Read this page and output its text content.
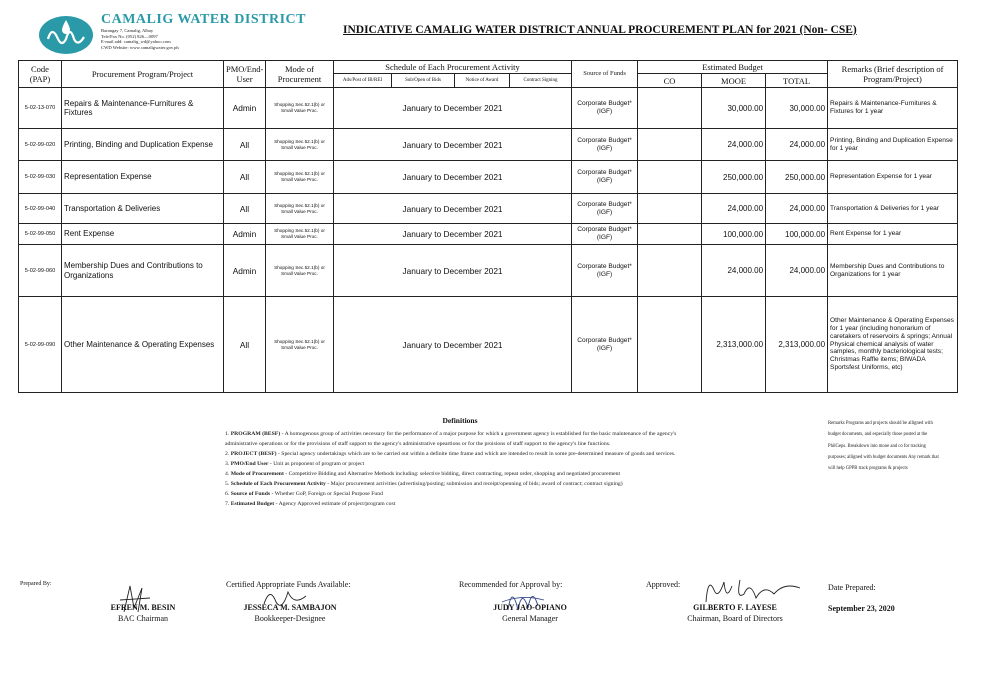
CAMALIG WATER DISTRICT
Barangay 7, Camalig, Albay
Tele/Fax No. (052) 826—0097
E-mail add: camalig_wd@yahoo.com
CWD Website: www.camaligwater.gov.ph
INDICATIVE CAMALIG WATER DISTRICT ANNUAL PROCUREMENT PLAN for 2021 (Non- CSE)
Code (PAP)	Procurement Program/Project	PMO/End-User	Mode of Procurement	Schedule of Each Procurement Activity				Source of Funds	Estimated Budget			Remarks (Brief description of Program/Project)
				Ads/Post of IB/REI	Sub/Open of Bids	Notice of Award	Contract Signing		CO	MOOE	TOTAL	
5-02-13-070	Repairs & Maintenance-Furnitures & Fixtures	Admin	Shopping Sec.52.1(b) or Small Value Proc.	January to December 2021				Corporate Budget*(IGF)		30,000.00	30,000.00	Repairs & Maintenance-Furnitures & Fixtures for 1 year
5-02-99-020	Printing, Binding and Duplication Expense	All	Shopping Sec.52.1(b) or Small Value Proc.	January to December 2021				Corporate Budget*(IGF)		24,000.00	24,000.00	Printing, Binding and Duplication Expense for 1 year
5-02-99-030	Representation Expense	All	Shopping Sec.52.1(b) or Small Value Proc.	January to December 2021				Corporate Budget*(IGF)		250,000.00	250,000.00	Representation Expense for 1 year
5-02-99-040	Transportation & Deliveries	All	Shopping Sec.52.1(b) or Small Value Proc.	January to December 2021				Corporate Budget*(IGF)		24,000.00	24,000.00	Transportation & Deliveries for 1 year
5-02-99-050	Rent Expense	Admin	Shopping Sec.52.1(b) or Small Value Proc.	January to December 2021				Corporate Budget*(IGF)		100,000.00	100,000.00	Rent Expense for 1 year
5-02-99-060	Membership Dues and Contributions to Organizations	Admin	Shopping Sec.52.1(b) or Small Value Proc.	January to December 2021				Corporate Budget*(IGF)		24,000.00	24,000.00	Membership Dues and Contributions to Organizations for 1 year
5-02-99-090	Other Maintenance & Operating Expenses	All	Shopping Sec.52.1(b) or Small Value Proc.	January to December 2021				Corporate Budget*(IGF)		2,313,000.00	2,313,000.00	Other Maintenance & Operating Expenses for 1 year (including honorarium of caretakers of reservoirs & springs; Annual Physical chemical analysis of water samples, monthly bacteriological tests; Christmas Raffle items; BIWADA Sportsfest Uniforms, etc)
Definitions
1. PROGRAM (BESF) - A homogenous group of activities necessary for the performance of a major purpose for which a government agency is established for the basic maintenance of the agency's administrative operations or for the provisions of staff support to the agency's administrative opeartions or for the proisions of staff support to the agency's line functions.
2. PROJECT (BESF) - Special agency undertakings which are to be carried out within a definite time frame and which are intended to result in some pre-determined measure of goods and services.
3. PMO/End User - Unit as proponent of program or project
4. Mode of Procurement - Competitive Bidding and Alternative Methods including: selective bidding, direct contracting, repeat order, shopping and negotiated procurement
5. Schedule of Each Procurement Activity - Major procurement activities (advertising/posting; submission and receipt/openning of bids; award of contract; contract signing)
6. Source of Funds - Whether GoP, Foreign or Special Purpose Fund
7. Estimated Budget - Agency Approved estimate of project/program cost
Remarks Programs and projects should be alligned with budget documents, and especially those posted at the PhilGeps. Breakdown into mooe and co for tracking purposes; alligned with budget documents Any remark that will help GPPB track programs & projects
Prepared By:
EFREN M. BESIN
BAC Chairman
Certified Appropriate Funds Available:
JESSECA M. SAMBAJON
Bookkeeper-Designee
Recommended for Approval by:
JUDY JAO-OPIANO
General Manager
Approved:
GILBERTO F. LAYESE
Chairman, Board of Directors
Date Prepared:
September 23, 2020
